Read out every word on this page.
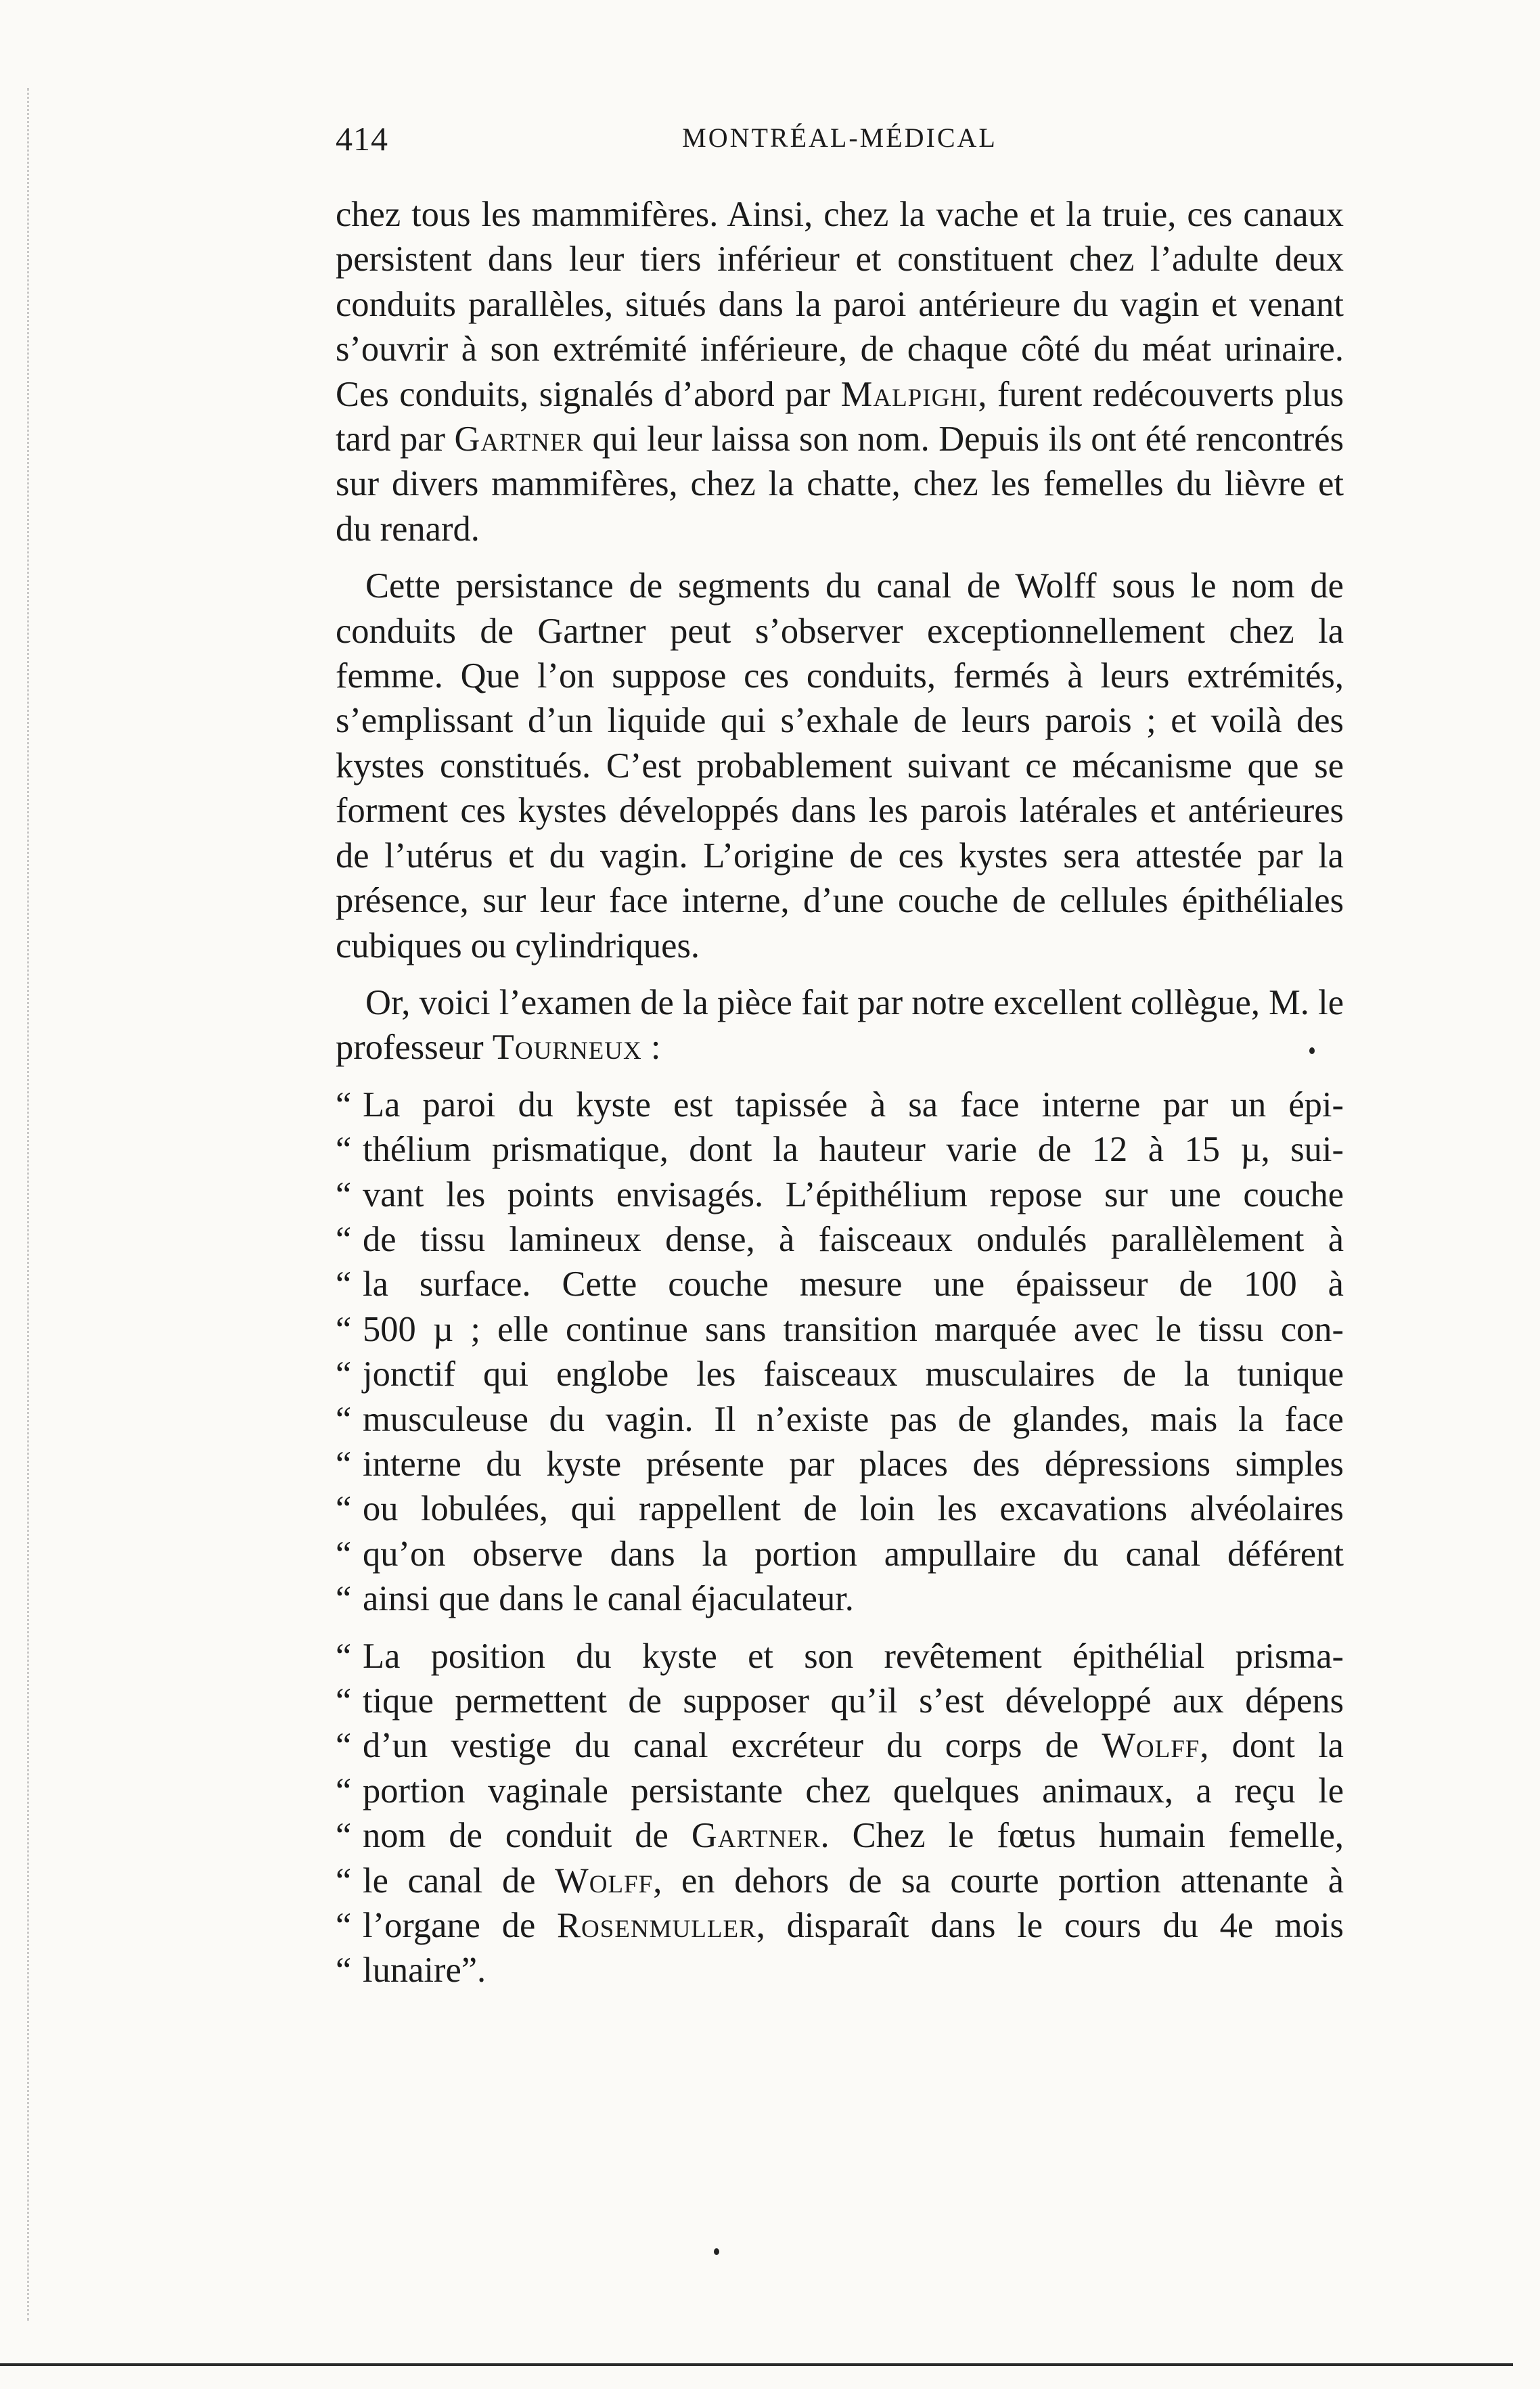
414	MONTRÉAL-MÉDICAL

chez tous les mammifères. Ainsi, chez la vache et la truie, ces canaux persistent dans leur tiers inférieur et constituent chez l’adulte deux conduits parallèles, situés dans la paroi antérieure du vagin et venant s’ouvrir à son extrémité inférieure, de chaque côté du méat urinaire. Ces conduits, signalés d’abord par Malpighi, furent redécouverts plus tard par Gartner qui leur laissa son nom. Depuis ils ont été rencontrés sur divers mammifères, chez la chatte, chez les femelles du lièvre et du renard.

Cette persistance de segments du canal de Wolff sous le nom de conduits de Gartner peut s’observer exceptionnellement chez la femme. Que l’on suppose ces conduits, fermés à leurs extrémités, s’emplissant d’un liquide qui s’exhale de leurs parois ; et voilà des kystes constitués. C’est probablement suivant ce mécanisme que se forment ces kystes développés dans les parois latérales et antérieures de l’utérus et du vagin. L’origine de ces kystes sera attestée par la présence, sur leur face interne, d’une couche de cellules épithéliales cubiques ou cylindriques.

Or, voici l’examen de la pièce fait par notre excellent collègue, M. le professeur Tourneux :

“ La paroi du kyste est tapissée à sa face interne par un épi-
“ thélium prismatique, dont la hauteur varie de 12 à 15 µ, sui-
“ vant les points envisagés. L’épithélium repose sur une couche
“ de tissu lamineux dense, à faisceaux ondulés parallèlement à
“ la surface. Cette couche mesure une épaisseur de 100 à
“ 500 µ ; elle continue sans transition marquée avec le tissu con-
“ jonctif qui englobe les faisceaux musculaires de la tunique
“ musculeuse du vagin. Il n’existe pas de glandes, mais la face
“ interne du kyste présente par places des dépressions simples
“ ou lobulées, qui rappellent de loin les excavations alvéolaires
“ qu’on observe dans la portion ampullaire du canal déférent
“ ainsi que dans le canal éjaculateur.
“ La position du kyste et son revêtement épithélial prisma-
“ tique permettent de supposer qu’il s’est développé aux dépens
“ d’un vestige du canal excréteur du corps de Wolff, dont la
“ portion vaginale persistante chez quelques animaux, a reçu le
“ nom de conduit de Gartner. Chez le fœtus humain femelle,
“ le canal de Wolff, en dehors de sa courte portion attenante à
“ l’organe de Rosenmuller, disparaît dans le cours du 4e mois
“ lunaire”.
